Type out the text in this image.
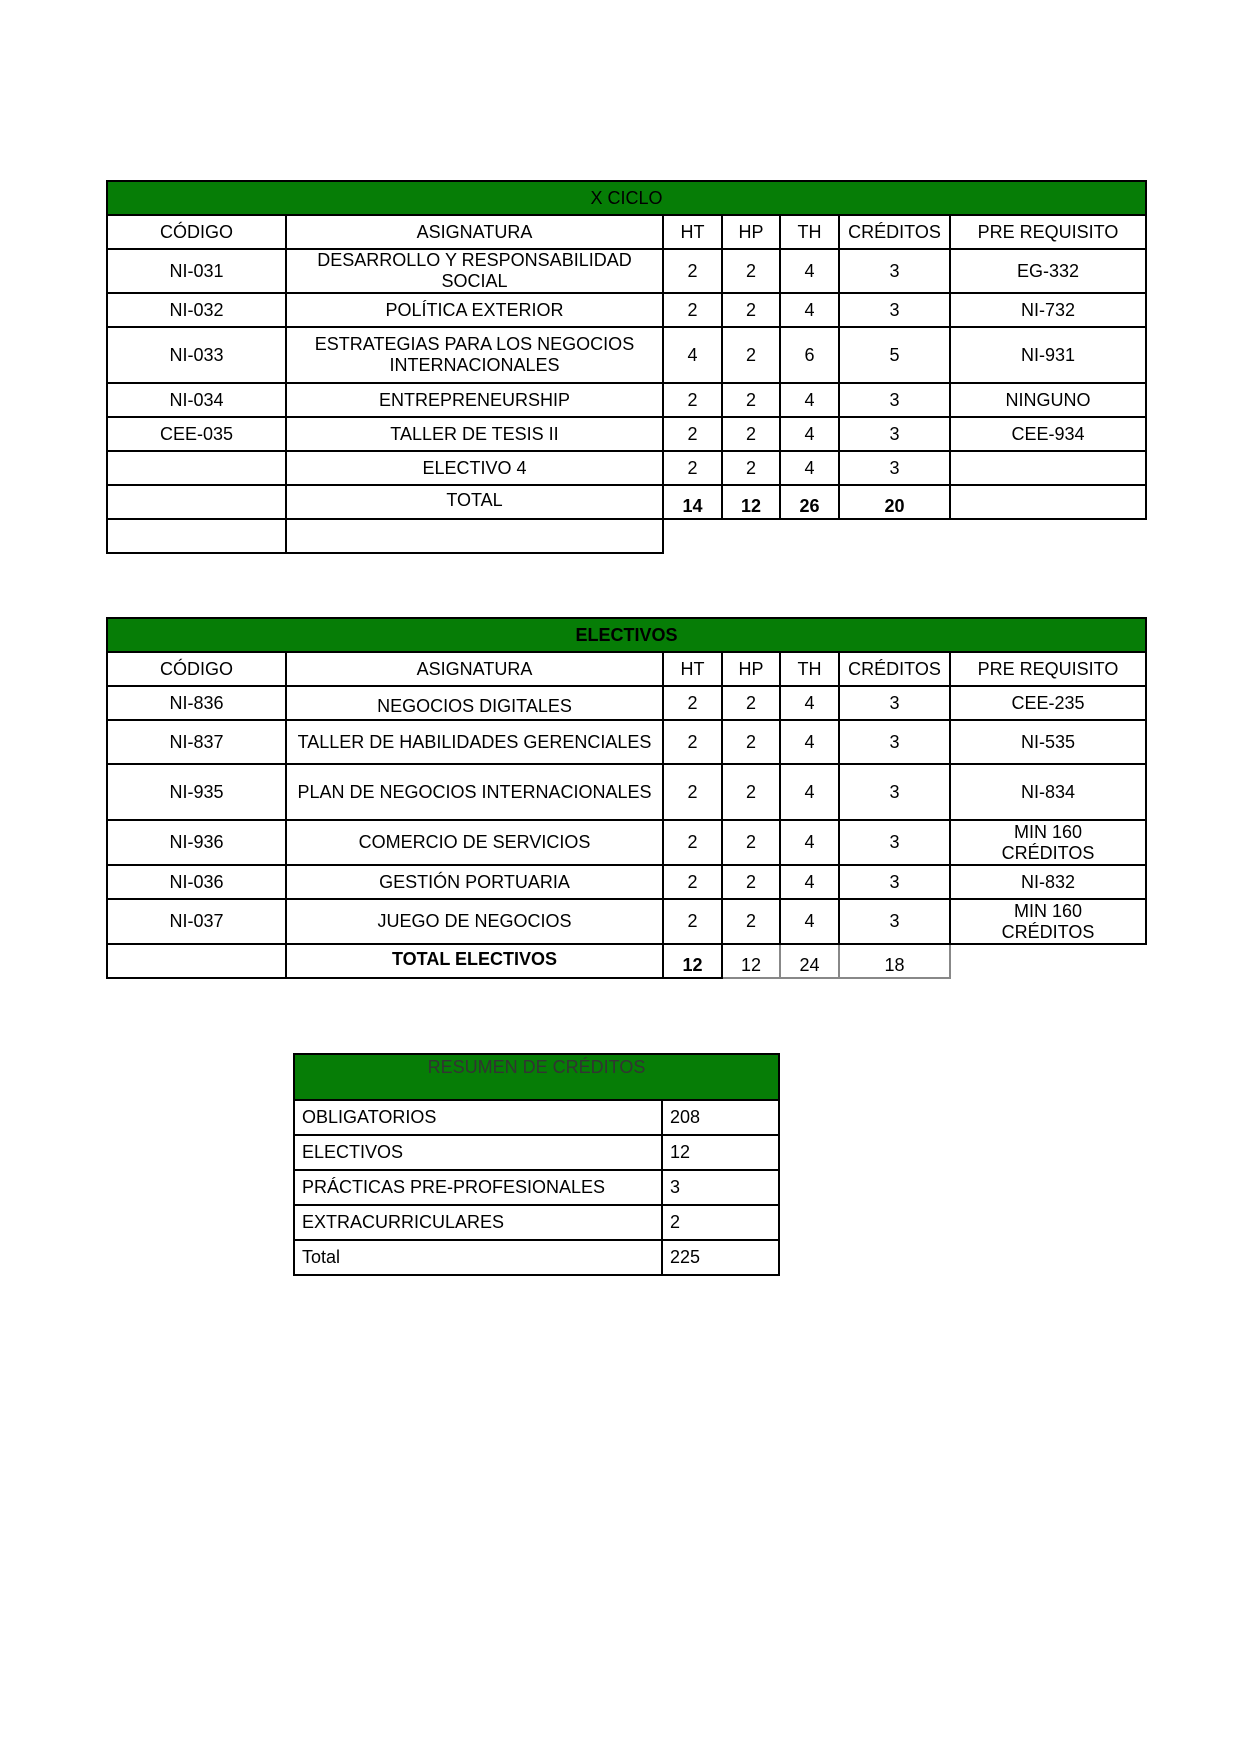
X CICLO						
CÓDIGO	ASIGNATURA	HT	HP	TH	CRÉDITOS	PRE REQUISITO
NI-031	DESARROLLO Y RESPONSABILIDAD SOCIAL	2	2	4	3	EG-332
NI-032	POLÍTICA EXTERIOR	2	2	4	3	NI-732
NI-033	ESTRATEGIAS PARA LOS NEGOCIOS INTERNACIONALES	4	2	6	5	NI-931
NI-034	ENTREPRENEURSHIP	2	2	4	3	NINGUNO
CEE-035	TALLER DE TESIS II	2	2	4	3	CEE-934
	ELECTIVO 4	2	2	4	3	
	TOTAL	14	12	26	20	

ELECTIVOS						
CÓDIGO	ASIGNATURA	HT	HP	TH	CRÉDITOS	PRE REQUISITO
NI-836	NEGOCIOS DIGITALES	2	2	4	3	CEE-235
NI-837	TALLER DE HABILIDADES GERENCIALES	2	2	4	3	NI-535
NI-935	PLAN DE NEGOCIOS INTERNACIONALES	2	2	4	3	NI-834
NI-936	COMERCIO DE SERVICIOS	2	2	4	3	MIN 160 CRÉDITOS
NI-036	GESTIÓN PORTUARIA	2	2	4	3	NI-832
NI-037	JUEGO DE NEGOCIOS	2	2	4	3	MIN 160 CRÉDITOS
	TOTAL ELECTIVOS	12	12	24	18	
RESUMEN DE CRÉDITOS	
OBLIGATORIOS	208
ELECTIVOS	12
PRÁCTICAS PRE-PROFESIONALES	3
EXTRACURRICULARES	2
Total	225
